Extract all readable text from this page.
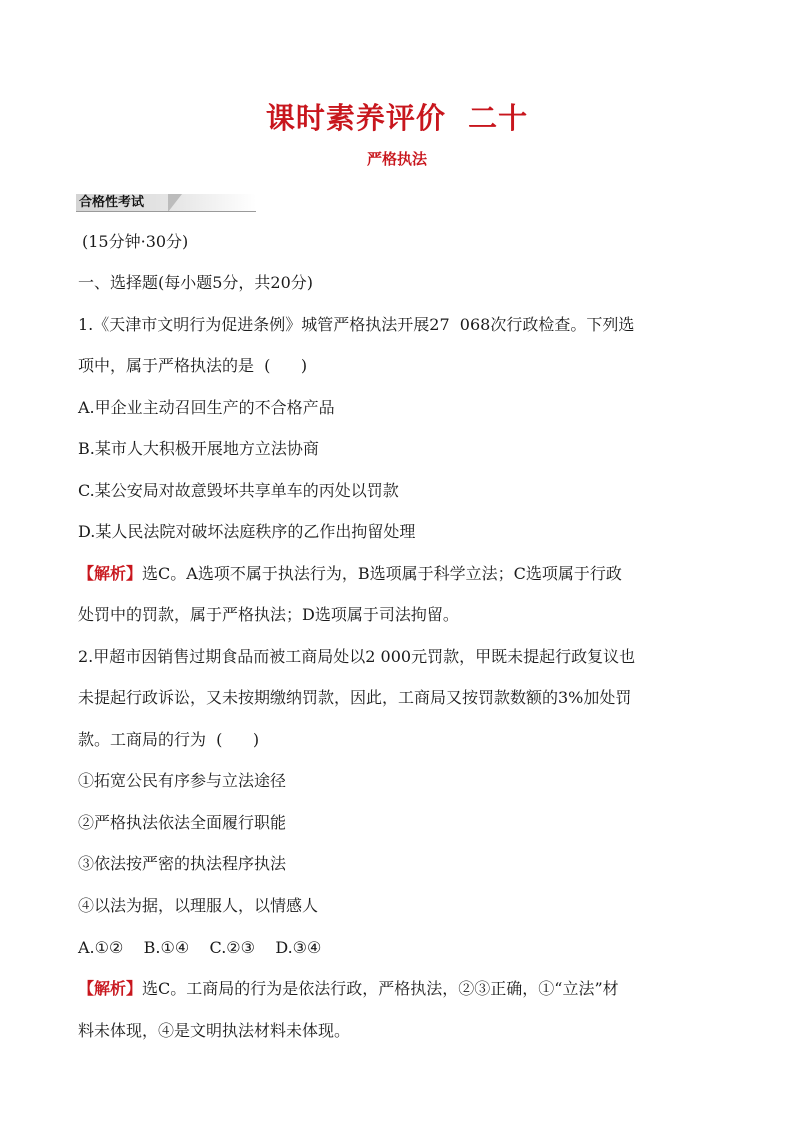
课时素养评价  二十
严格执法
合格性考试
(15分钟·30分)
一、选择题(每小题5分，共20分)
1.《天津市文明行为促进条例》城管严格执法开展27  068次行政检查。下列选
项中，属于严格执法的是  (      )
A.甲企业主动召回生产的不合格产品
B.某市人大积极开展地方立法协商
C.某公安局对故意毁坏共享单车的丙处以罚款
D.某人民法院对破坏法庭秩序的乙作出拘留处理
【解析】选C。A选项不属于执法行为，B选项属于科学立法；C选项属于行政
处罚中的罚款，属于严格执法；D选项属于司法拘留。
2.甲超市因销售过期食品而被工商局处以2 000元罚款，甲既未提起行政复议也
未提起行政诉讼，又未按期缴纳罚款，因此，工商局又按罚款数额的3%加处罚
款。工商局的行为  (      )
①拓宽公民有序参与立法途径
②严格执法依法全面履行职能
③依法按严密的执法程序执法
④以法为据，以理服人，以情感人
A.①②    B.①④    C.②③    D.③④
【解析】选C。工商局的行为是依法行政，严格执法，②③正确，①“立法”材
料未体现，④是文明执法材料未体现。
